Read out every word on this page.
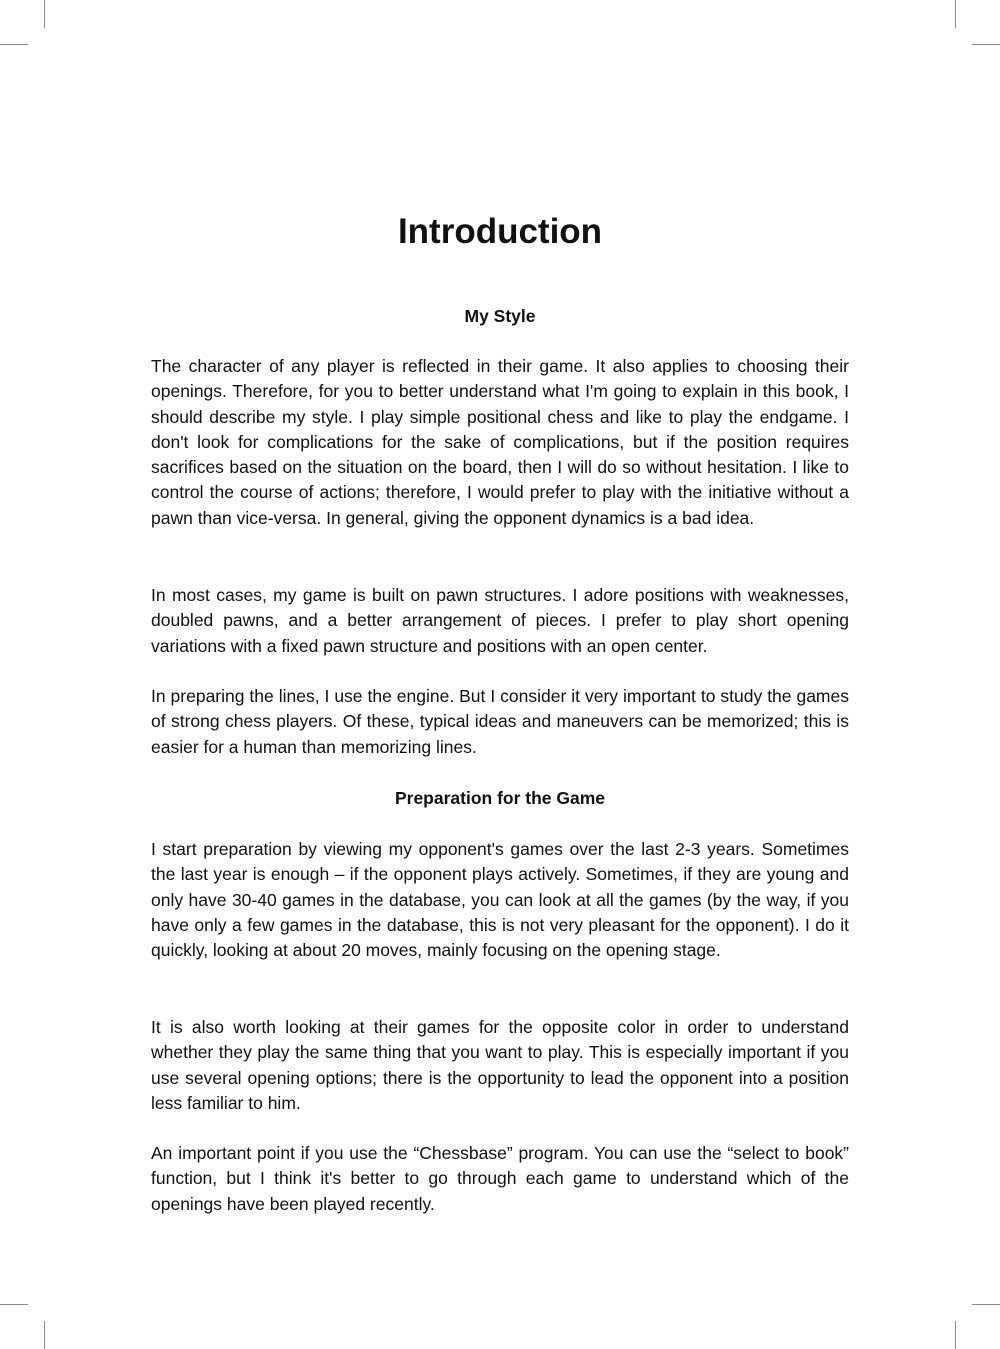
Introduction
My Style

The character of any player is reflected in their game. It also applies to choosing their openings. Therefore, for you to better understand what I'm going to explain in this book, I should describe my style. I play simple positional chess and like to play the endgame. I don't look for complications for the sake of complications, but if the position requires sacrifices based on the situation on the board, then I will do so without hesitation. I like to control the course of actions; therefore, I would prefer to play with the initiative without a pawn than vice-versa. In general, giving the opponent dynamics is a bad idea.

In most cases, my game is built on pawn structures. I adore positions with weaknesses, doubled pawns, and a better arrangement of pieces. I prefer to play short opening variations with a fixed pawn structure and positions with an open center.

In preparing the lines, I use the engine. But I consider it very important to study the games of strong chess players. Of these, typical ideas and maneuvers can be memorized; this is easier for a human than memorizing lines.

Preparation for the Game

I start preparation by viewing my opponent's games over the last 2-3 years. Sometimes the last year is enough – if the opponent plays actively. Sometimes, if they are young and only have 30-40 games in the database, you can look at all the games (by the way, if you have only a few games in the database, this is not very pleasant for the opponent). I do it quickly, looking at about 20 moves, mainly focusing on the opening stage.

It is also worth looking at their games for the opposite color in order to understand whether they play the same thing that you want to play. This is especially important if you use several opening options; there is the opportunity to lead the opponent into a position less familiar to him.

An important point if you use the “Chessbase” program. You can use the “select to book” function, but I think it's better to go through each game to understand which of the openings have been played recently.
